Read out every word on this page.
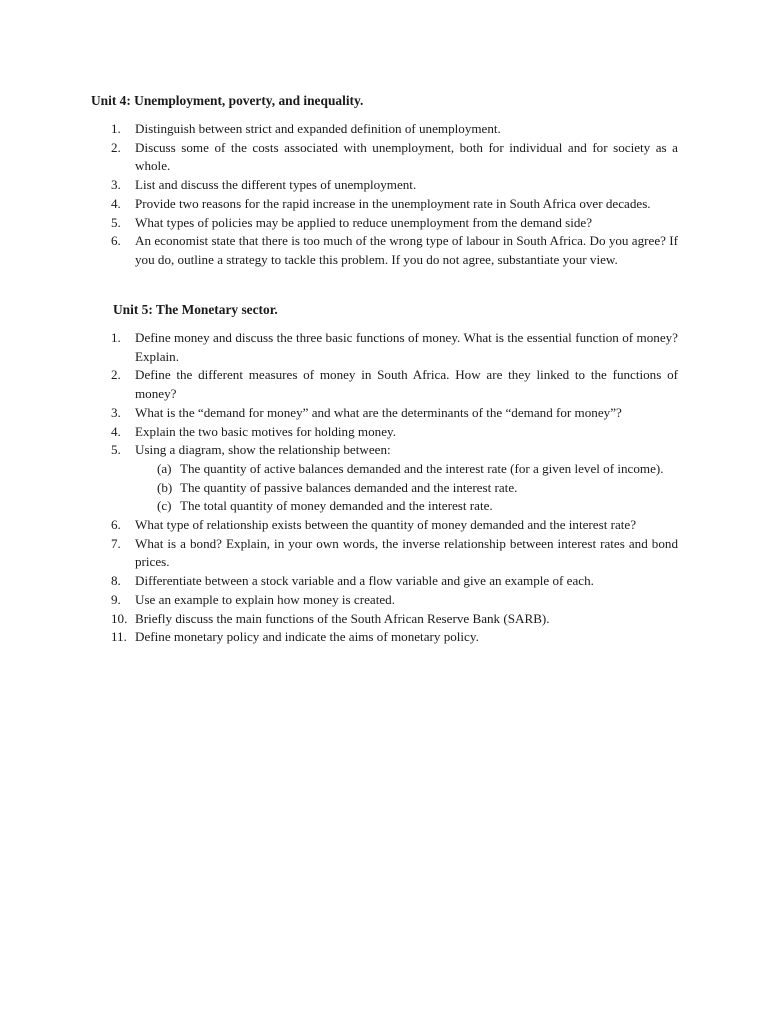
Unit 4: Unemployment, poverty, and inequality.

1. Distinguish between strict and expanded definition of unemployment.
2. Discuss some of the costs associated with unemployment, both for individual and for society as a whole.
3. List and discuss the different types of unemployment.
4. Provide two reasons for the rapid increase in the unemployment rate in South Africa over decades.
5. What types of policies may be applied to reduce unemployment from the demand side?
6. An economist state that there is too much of the wrong type of labour in South Africa. Do you agree? If you do, outline a strategy to tackle this problem. If you do not agree, substantiate your view.

Unit 5: The Monetary sector.

1. Define money and discuss the three basic functions of money. What is the essential function of money? Explain.
2. Define the different measures of money in South Africa. How are they linked to the functions of money?
3. What is the “demand for money” and what are the determinants of the “demand for money”?
4. Explain the two basic motives for holding money.
5. Using a diagram, show the relationship between:
(a) The quantity of active balances demanded and the interest rate (for a given level of income).
(b) The quantity of passive balances demanded and the interest rate.
(c) The total quantity of money demanded and the interest rate.
6. What type of relationship exists between the quantity of money demanded and the interest rate?
7. What is a bond? Explain, in your own words, the inverse relationship between interest rates and bond prices.
8. Differentiate between a stock variable and a flow variable and give an example of each.
9. Use an example to explain how money is created.
10. Briefly discuss the main functions of the South African Reserve Bank (SARB).
11. Define monetary policy and indicate the aims of monetary policy.
